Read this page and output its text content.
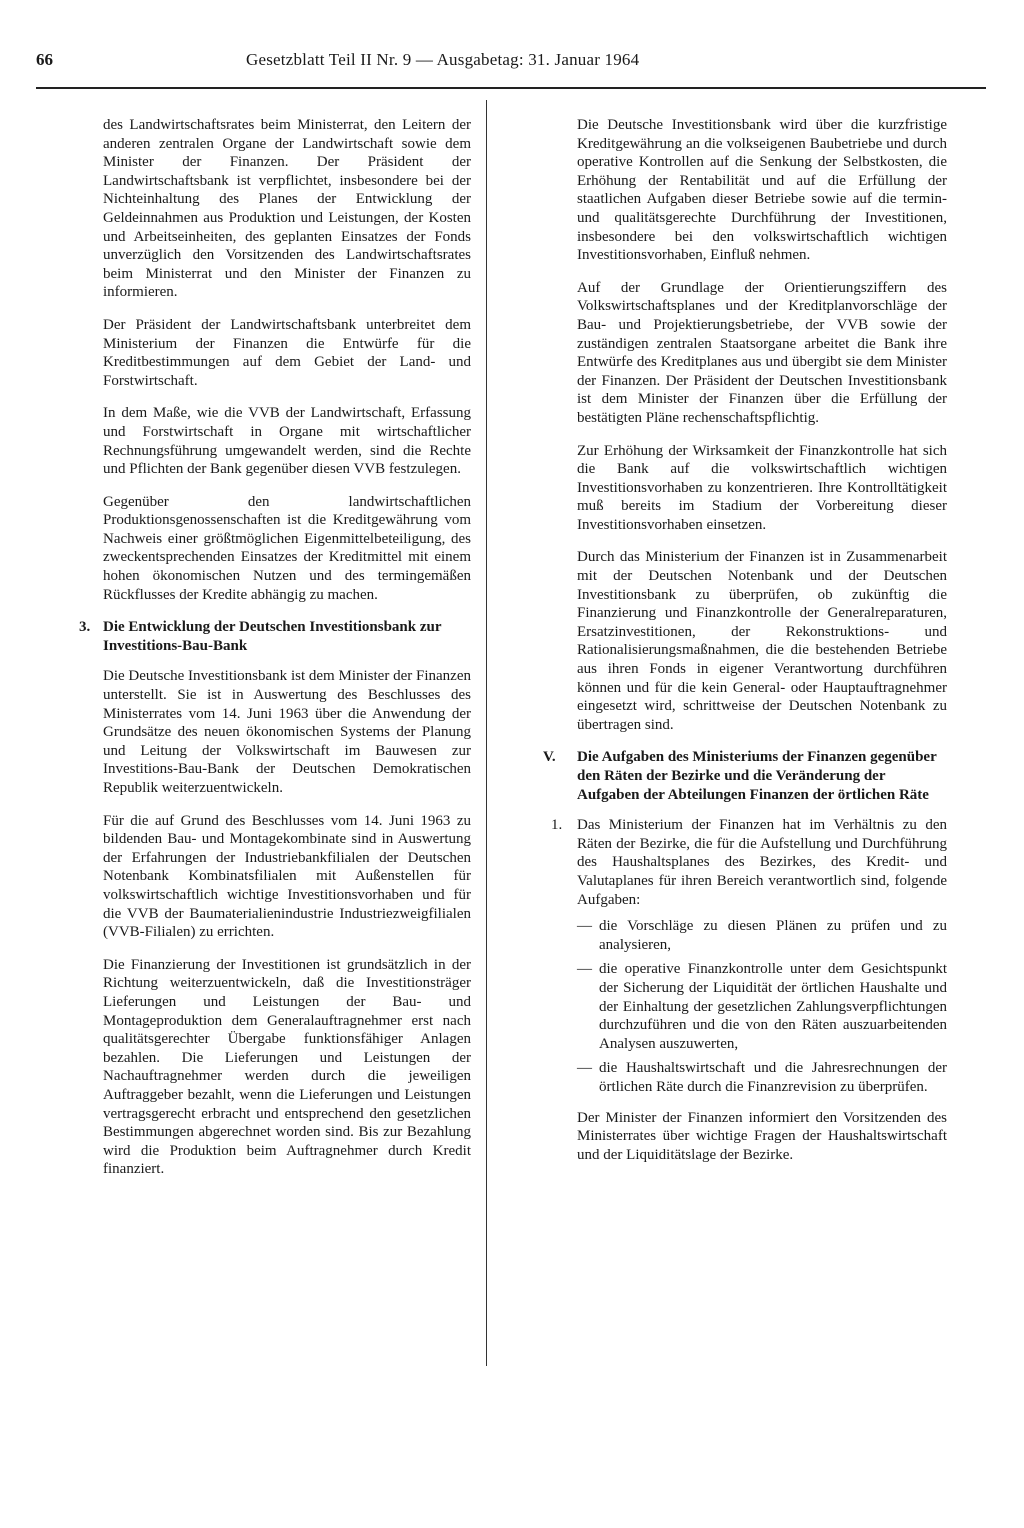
66	Gesetzblatt Teil II Nr. 9 — Ausgabetag: 31. Januar 1964

des Landwirtschaftsrates beim Ministerrat, den Leitern der anderen zentralen Organe der Landwirtschaft sowie dem Minister der Finanzen. Der Präsident der Landwirtschaftsbank ist verpflichtet, insbesondere bei der Nichteinhaltung des Planes der Entwicklung der Geldeinnahmen aus Produktion und Leistungen, der Kosten und Arbeitseinheiten, des geplanten Einsatzes der Fonds unverzüglich den Vorsitzenden des Landwirtschaftsrates beim Ministerrat und den Minister der Finanzen zu informieren.

Der Präsident der Landwirtschaftsbank unterbreitet dem Ministerium der Finanzen die Entwürfe für die Kreditbestimmungen auf dem Gebiet der Land- und Forstwirtschaft.

In dem Maße, wie die VVB der Landwirtschaft, Erfassung und Forstwirtschaft in Organe mit wirtschaftlicher Rechnungsführung umgewandelt werden, sind die Rechte und Pflichten der Bank gegenüber diesen VVB festzulegen.

Gegenüber den landwirtschaftlichen Produktionsgenossenschaften ist die Kreditgewährung vom Nachweis einer größtmöglichen Eigenmittelbeteiligung, des zweckentsprechenden Einsatzes der Kreditmittel mit einem hohen ökonomischen Nutzen und des termingemäßen Rückflusses der Kredite abhängig zu machen.

3. Die Entwicklung der Deutschen Investitionsbank zur Investitions-Bau-Bank

Die Deutsche Investitionsbank ist dem Minister der Finanzen unterstellt. Sie ist in Auswertung des Beschlusses des Ministerrates vom 14. Juni 1963 über die Anwendung der Grundsätze des neuen ökonomischen Systems der Planung und Leitung der Volkswirtschaft im Bauwesen zur Investitions-Bau-Bank der Deutschen Demokratischen Republik weiterzuentwickeln.

Für die auf Grund des Beschlusses vom 14. Juni 1963 zu bildenden Bau- und Montagekombinate sind in Auswertung der Erfahrungen der Industriebankfilialen der Deutschen Notenbank Kombinatsfilialen mit Außenstellen für volkswirtschaftlich wichtige Investitionsvorhaben und für die VVB der Baumaterialienindustrie Industriezweigfilialen (VVB-Filialen) zu errichten.

Die Finanzierung der Investitionen ist grundsätzlich in der Richtung weiterzuentwickeln, daß die Investitionsträger Lieferungen und Leistungen der Bau- und Montageproduktion dem Generalauftragnehmer erst nach qualitätsgerechter Übergabe funktionsfähiger Anlagen bezahlen. Die Lieferungen und Leistungen der Nachauftragnehmer werden durch die jeweiligen Auftraggeber bezahlt, wenn die Lieferungen und Leistungen vertragsgerecht erbracht und entsprechend den gesetzlichen Bestimmungen abgerechnet worden sind. Bis zur Bezahlung wird die Produktion beim Auftragnehmer durch Kredit finanziert.

Die Deutsche Investitionsbank wird über die kurzfristige Kreditgewährung an die volkseigenen Baubetriebe und durch operative Kontrollen auf die Senkung der Selbstkosten, die Erhöhung der Rentabilität und auf die Erfüllung der staatlichen Aufgaben dieser Betriebe sowie auf die termin- und qualitätsgerechte Durchführung der Investitionen, insbesondere bei den volkswirtschaftlich wichtigen Investitionsvorhaben, Einfluß nehmen.

Auf der Grundlage der Orientierungsziffern des Volkswirtschaftsplanes und der Kreditplanvorschläge der Bau- und Projektierungsbetriebe, der VVB sowie der zuständigen zentralen Staatsorgane arbeitet die Bank ihre Entwürfe des Kreditplanes aus und übergibt sie dem Minister der Finanzen. Der Präsident der Deutschen Investitionsbank ist dem Minister der Finanzen über die Erfüllung der bestätigten Pläne rechenschaftspflichtig.

Zur Erhöhung der Wirksamkeit der Finanzkontrolle hat sich die Bank auf die volkswirtschaftlich wichtigen Investitionsvorhaben zu konzentrieren. Ihre Kontrolltätigkeit muß bereits im Stadium der Vorbereitung dieser Investitionsvorhaben einsetzen.

Durch das Ministerium der Finanzen ist in Zusammenarbeit mit der Deutschen Notenbank und der Deutschen Investitionsbank zu überprüfen, ob zukünftig die Finanzierung und Finanzkontrolle der Generalreparaturen, Ersatzinvestitionen, der Rekonstruktions- und Rationalisierungsmaßnahmen, die die bestehenden Betriebe aus ihren Fonds in eigener Verantwortung durchführen können und für die kein General- oder Hauptauftragnehmer eingesetzt wird, schrittweise der Deutschen Notenbank zu übertragen sind.

V. Die Aufgaben des Ministeriums der Finanzen gegenüber den Räten der Bezirke und die Veränderung der Aufgaben der Abteilungen Finanzen der örtlichen Räte
1. Das Ministerium der Finanzen hat im Verhältnis zu den Räten der Bezirke, die für die Aufstellung und Durchführung des Haushaltsplanes des Bezirkes, des Kredit- und Valutaplanes für ihren Bereich verantwortlich sind, folgende Aufgaben:
— die Vorschläge zu diesen Plänen zu prüfen und zu analysieren,
— die operative Finanzkontrolle unter dem Gesichtspunkt der Sicherung der Liquidität der örtlichen Haushalte und der Einhaltung der gesetzlichen Zahlungsverpflichtungen durchzuführen und die von den Räten auszuarbeitenden Analysen auszuwerten,
— die Haushaltswirtschaft und die Jahresrechnungen der örtlichen Räte durch die Finanzrevision zu überprüfen.

Der Minister der Finanzen informiert den Vorsitzenden des Ministerrates über wichtige Fragen der Haushaltswirtschaft und der Liquiditätslage der Bezirke.
